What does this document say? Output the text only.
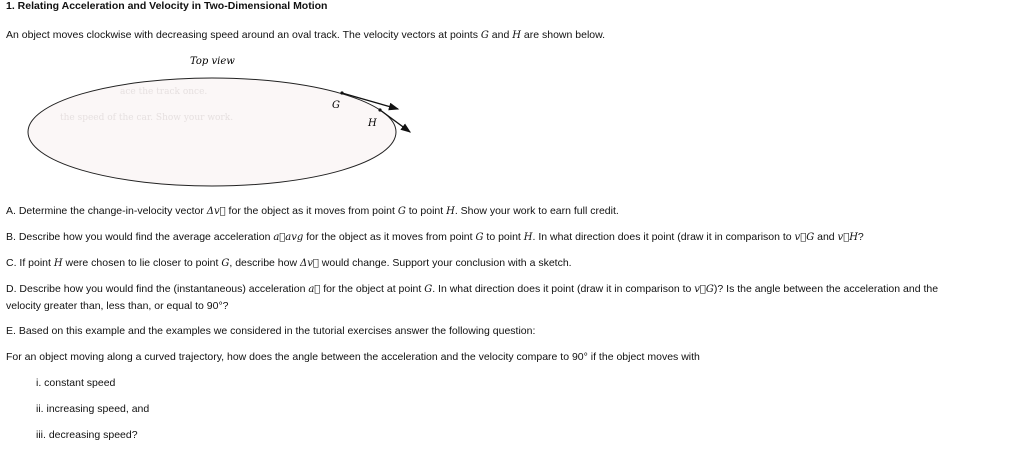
1. Relating Acceleration and Velocity in Two-Dimensional Motion
An object moves clockwise with decreasing speed around an oval track. The velocity vectors at points G and H are shown below.
Top view
ace the track once.
the speed of the car. Show your work.
G
H
A. Determine the change-in-velocity vector Δv⃗ for the object as it moves from point G to point H. Show your work to earn full credit.
B. Describe how you would find the average acceleration a⃗avg for the object as it moves from point G to point H. In what direction does it point (draw it in comparison to v⃗G and v⃗H?
C. If point H were chosen to lie closer to point G, describe how Δv⃗ would change. Support your conclusion with a sketch.
D. Describe how you would find the (instantaneous) acceleration a⃗ for the object at point G. In what direction does it point (draw it in comparison to v⃗G)? Is the angle between the acceleration and the
velocity greater than, less than, or equal to 90°?
E. Based on this example and the examples we considered in the tutorial exercises answer the following question:
For an object moving along a curved trajectory, how does the angle between the acceleration and the velocity compare to 90° if the object moves with
i. constant speed
ii. increasing speed, and
iii. decreasing speed?
